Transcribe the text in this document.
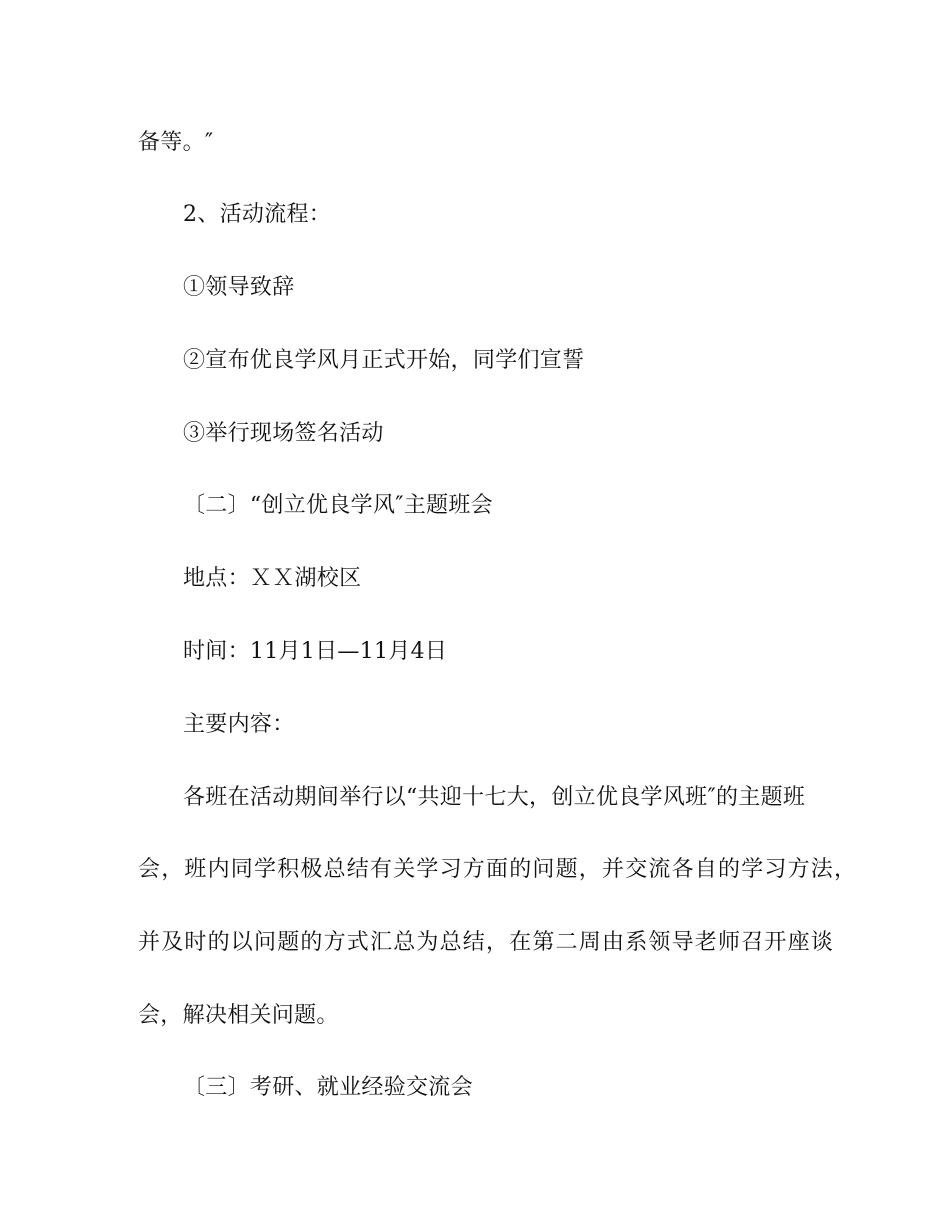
备等。″
2、活动流程：
①领导致辞
②宣布优良学风月正式开始，同学们宣誓
③举行现场签名活动
〔二〕“创立优良学风″主题班会
地点：ＸＸ湖校区
时间：11月1日—11月4日
主要内容：
各班在活动期间举行以“共迎十七大，创立优良学风班″的主题班
会，班内同学积极总结有关学习方面的问题，并交流各自的学习方法，
并及时的以问题的方式汇总为总结，在第二周由系领导老师召开座谈
会，解决相关问题。
〔三〕考研、就业经验交流会
